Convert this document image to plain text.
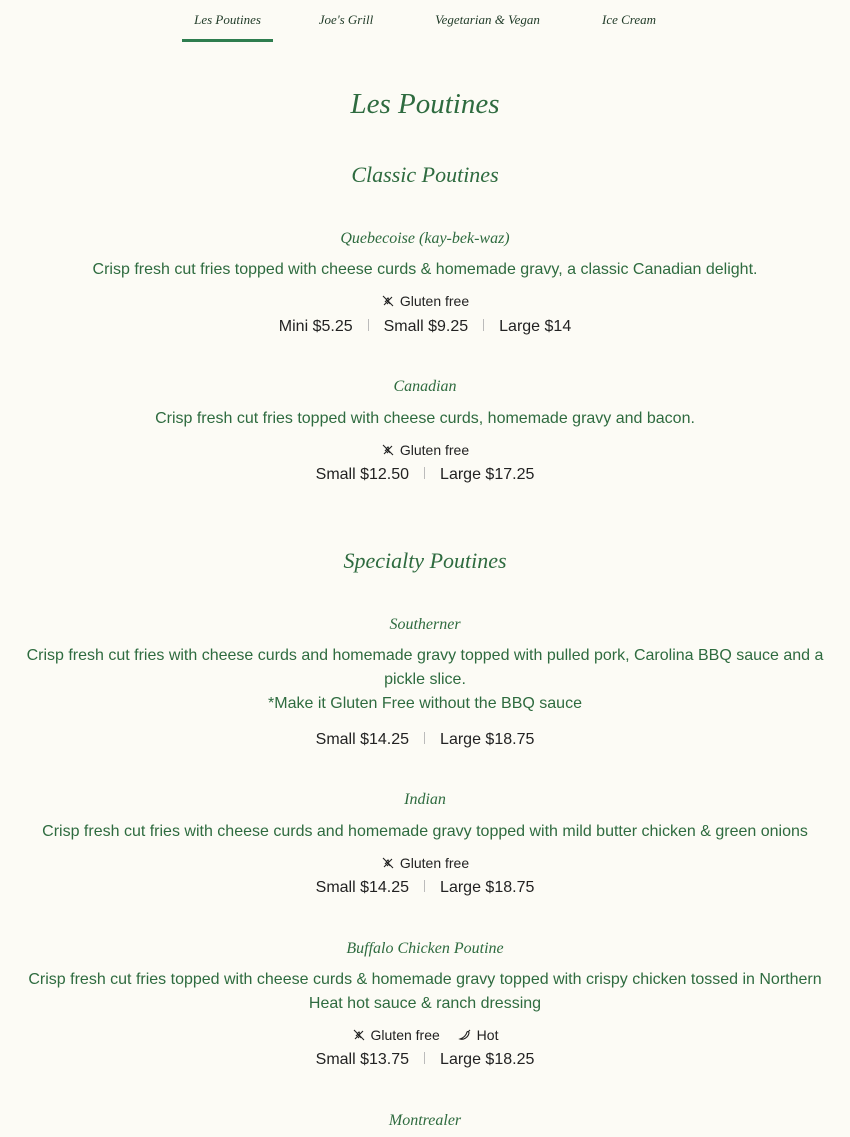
Les Poutines	Joe's Grill	Vegetarian & Vegan	Ice Cream
Les Poutines
Classic Poutines
Quebecoise (kay-bek-waz)
Crisp fresh cut fries topped with cheese curds & homemade gravy, a classic Canadian delight.
Gluten free
Mini $5.25 Small $9.25 Large $14
Canadian
Crisp fresh cut fries topped with cheese curds, homemade gravy and bacon.
Gluten free
Small $12.50 Large $17.25
Specialty Poutines
Southerner
Crisp fresh cut fries with cheese curds and homemade gravy topped with pulled pork, Carolina BBQ sauce and a pickle slice.
*Make it Gluten Free without the BBQ sauce
Small $14.25 Large $18.75
Indian
Crisp fresh cut fries with cheese curds and homemade gravy topped with mild butter chicken & green onions
Gluten free
Small $14.25 Large $18.75
Buffalo Chicken Poutine
Crisp fresh cut fries topped with cheese curds & homemade gravy topped with crispy chicken tossed in Northern Heat hot sauce & ranch dressing
Gluten free	Hot
Small $13.75 Large $18.25
Montrealer
